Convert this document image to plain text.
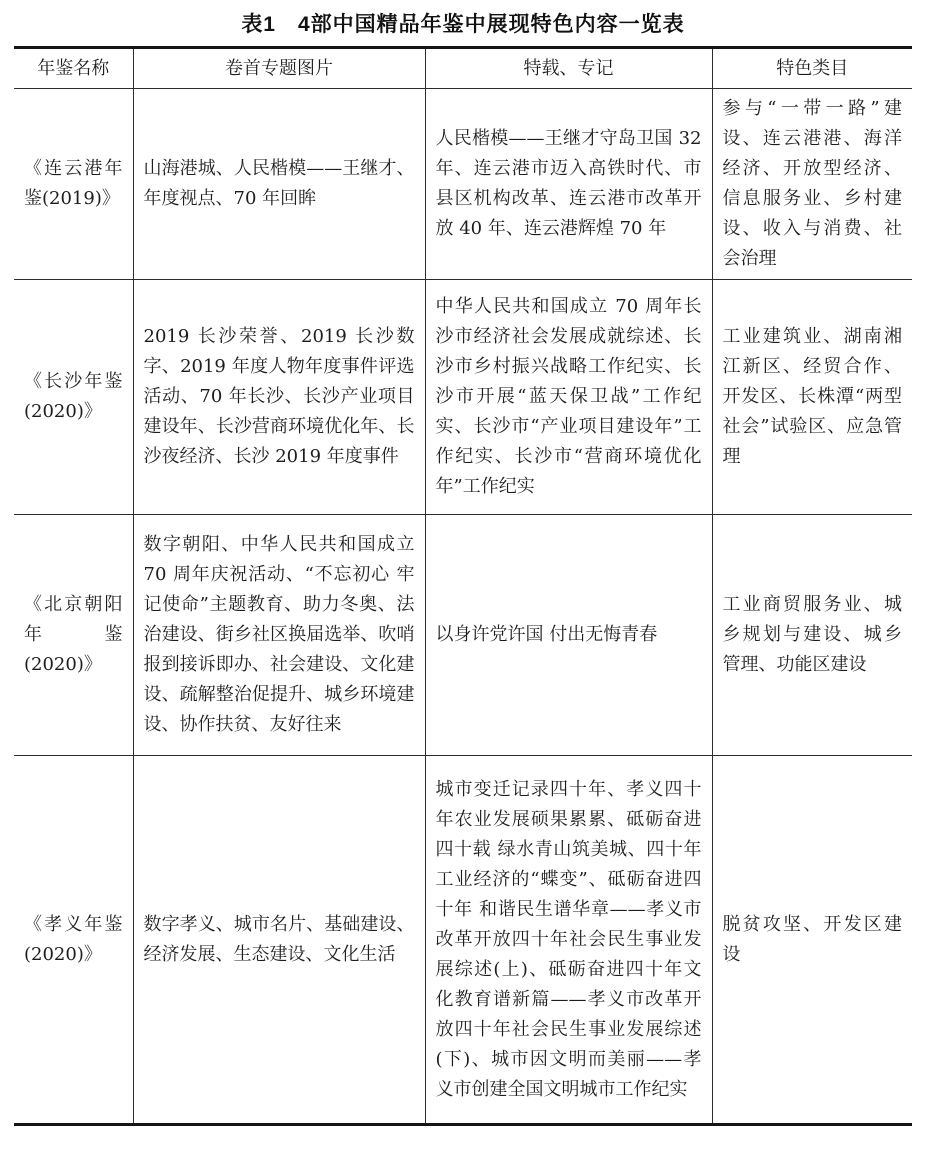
表1　4部中国精品年鉴中展现特色内容一览表
年鉴名称	卷首专题图片	特载、专记	特色类目
《连云港年鉴(2019)》	山海港城、人民楷模——王继才、年度视点、70 年回眸	人民楷模——王继才守岛卫国 32 年、连云港市迈入高铁时代、市县区机构改革、连云港市改革开放 40 年、连云港辉煌 70 年	参与“一带一路”建设、连云港港、海洋经济、开放型经济、信息服务业、乡村建设、收入与消费、社会治理
《长沙年鉴(2020)》	2019 长沙荣誉、2019 长沙数字、2019 年度人物年度事件评选活动、70 年长沙、长沙产业项目建设年、长沙营商环境优化年、长沙夜经济、长沙 2019 年度事件	中华人民共和国成立 70 周年长沙市经济社会发展成就综述、长沙市乡村振兴战略工作纪实、长沙市开展“蓝天保卫战”工作纪实、长沙市“产业项目建设年”工作纪实、长沙市“营商环境优化年”工作纪实	工业建筑业、湖南湘江新区、经贸合作、开发区、长株潭“两型社会”试验区、应急管理
《北京朝阳年鉴(2020)》	数字朝阳、中华人民共和国成立 70 周年庆祝活动、“不忘初心 牢记使命”主题教育、助力冬奥、法治建设、街乡社区换届选举、吹哨报到接诉即办、社会建设、文化建设、疏解整治促提升、城乡环境建设、协作扶贫、友好往来	以身许党许国 付出无悔青春	工业商贸服务业、城乡规划与建设、城乡管理、功能区建设
《孝义年鉴(2020)》	数字孝义、城市名片、基础建设、经济发展、生态建设、文化生活	城市变迁记录四十年、孝义四十年农业发展硕果累累、砥砺奋进四十载 绿水青山筑美城、四十年工业经济的“蝶变”、砥砺奋进四十年 和谐民生谱华章——孝义市改革开放四十年社会民生事业发展综述(上)、砥砺奋进四十年文化教育谱新篇——孝义市改革开放四十年社会民生事业发展综述(下)、城市因文明而美丽——孝义市创建全国文明城市工作纪实	脱贫攻坚、开发区建设
